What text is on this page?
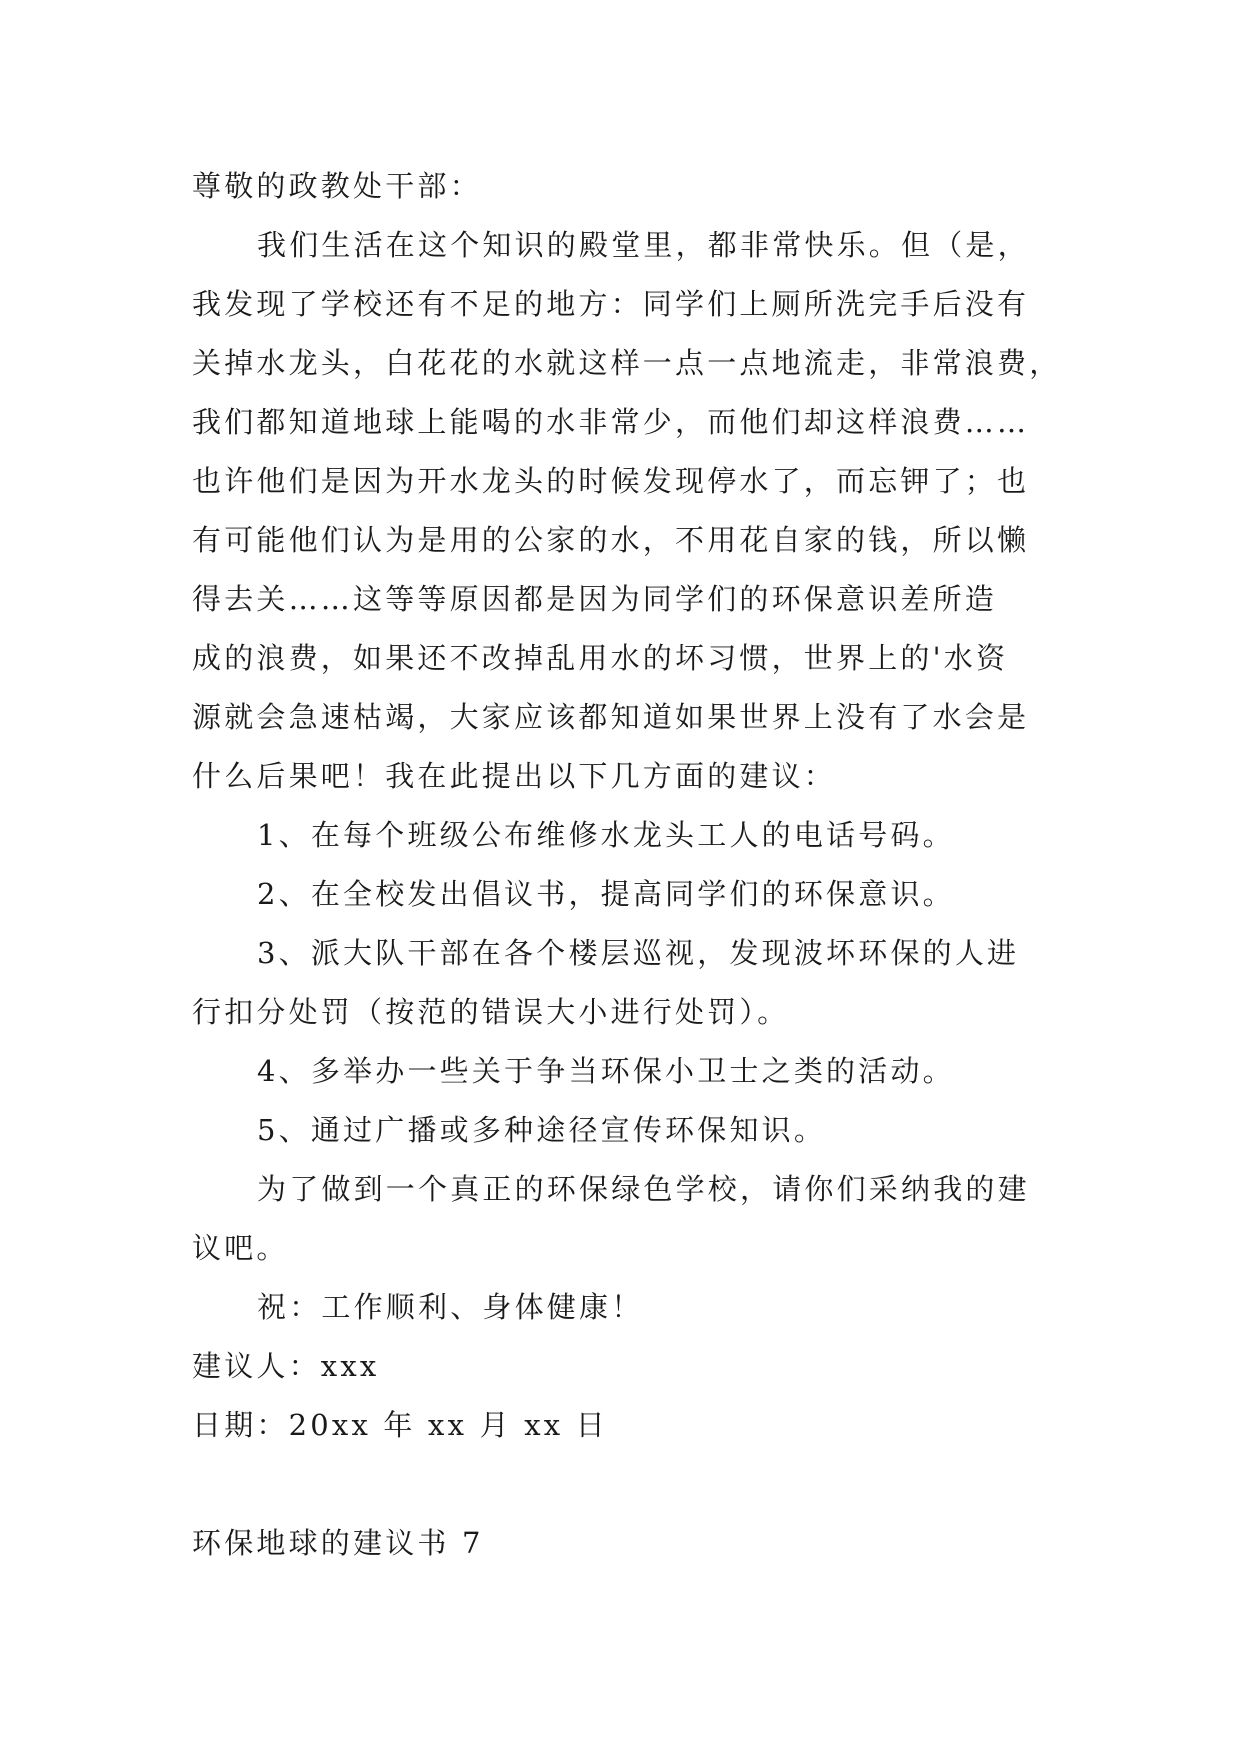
尊敬的政教处干部：
我们生活在这个知识的殿堂里，都非常快乐。但（是，
我发现了学校还有不足的地方：同学们上厕所洗完手后没有
关掉水龙头，白花花的水就这样一点一点地流走，非常浪费，
我们都知道地球上能喝的水非常少，而他们却这样浪费……
也许他们是因为开水龙头的时候发现停水了，而忘钾了；也
有可能他们认为是用的公家的水，不用花自家的钱，所以懒
得去关……这等等原因都是因为同学们的环保意识差所造
成的浪费，如果还不改掉乱用水的坏习惯，世界上的'水资
源就会急速枯竭，大家应该都知道如果世界上没有了水会是
什么后果吧！我在此提出以下几方面的建议：
1、在每个班级公布维修水龙头工人的电话号码。
2、在全校发出倡议书，提高同学们的环保意识。
3、派大队干部在各个楼层巡视，发现波坏环保的人进
行扣分处罚（按范的错误大小进行处罚）。
4、多举办一些关于争当环保小卫士之类的活动。
5、通过广播或多种途径宣传环保知识。
为了做到一个真正的环保绿色学校，请你们采纳我的建
议吧。
祝：工作顺利、身体健康！
建议人：xxx
日期：20xx 年 xx 月 xx 日
环保地球的建议书 7
